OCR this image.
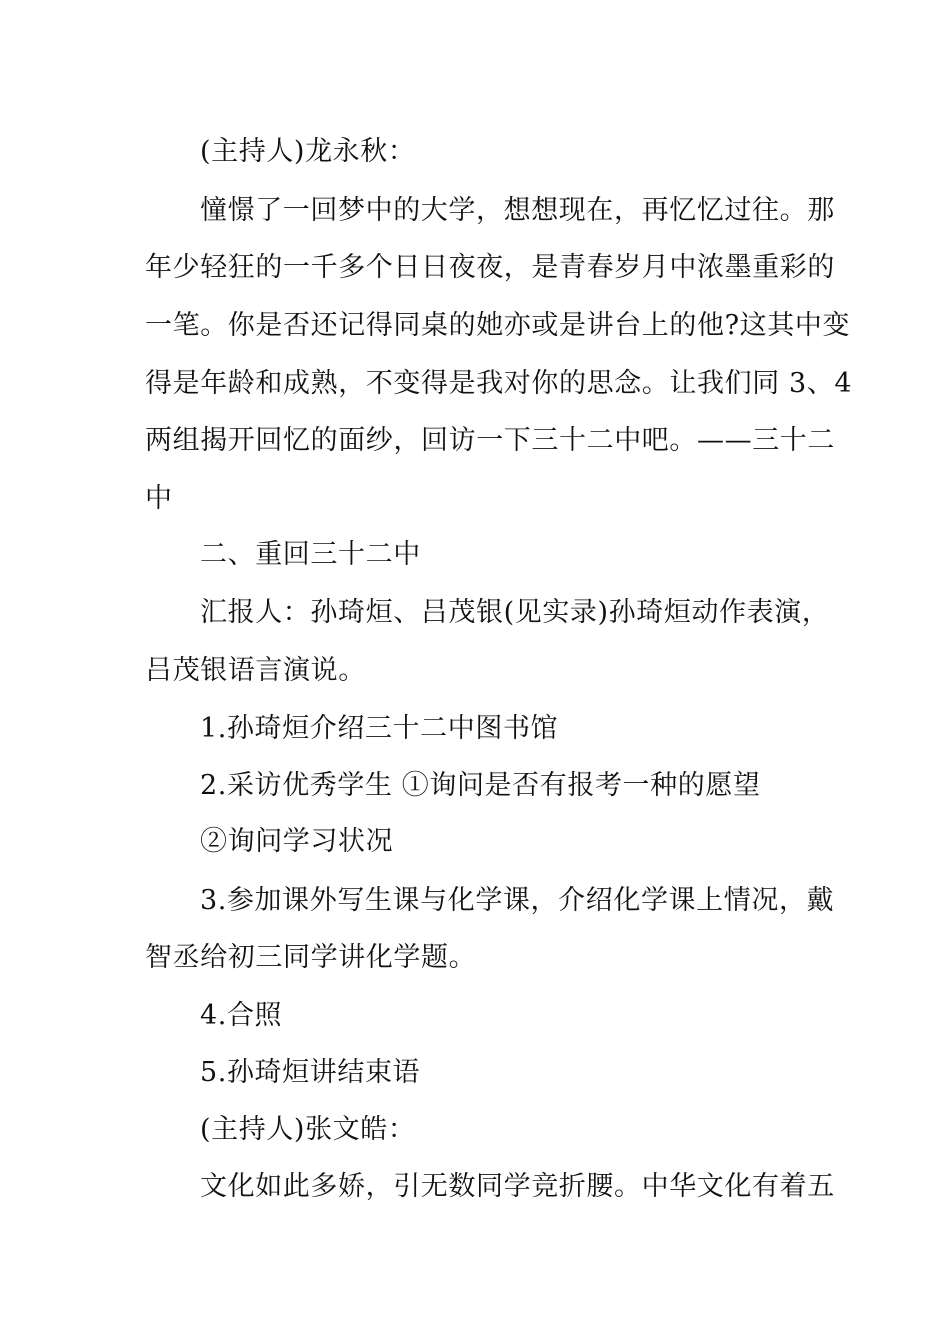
(主持人)龙永秋：

憧憬了一回梦中的大学，想想现在，再忆忆过往。那

年少轻狂的一千多个日日夜夜，是青春岁月中浓墨重彩的

一笔。你是否还记得同桌的她亦或是讲台上的他?这其中变

得是年龄和成熟，不变得是我对你的思念。让我们同 3、4

两组揭开回忆的面纱，回访一下三十二中吧。——三十二

中

二、重回三十二中

汇报人：孙琦烜、吕茂银(见实录)孙琦烜动作表演，

吕茂银语言演说。

1.孙琦烜介绍三十二中图书馆

2.采访优秀学生 ①询问是否有报考一种的愿望

②询问学习状况

3.参加课外写生课与化学课，介绍化学课上情况，戴

智丞给初三同学讲化学题。

4.合照

5.孙琦烜讲结束语

(主持人)张文皓：

文化如此多娇，引无数同学竞折腰。中华文化有着五
